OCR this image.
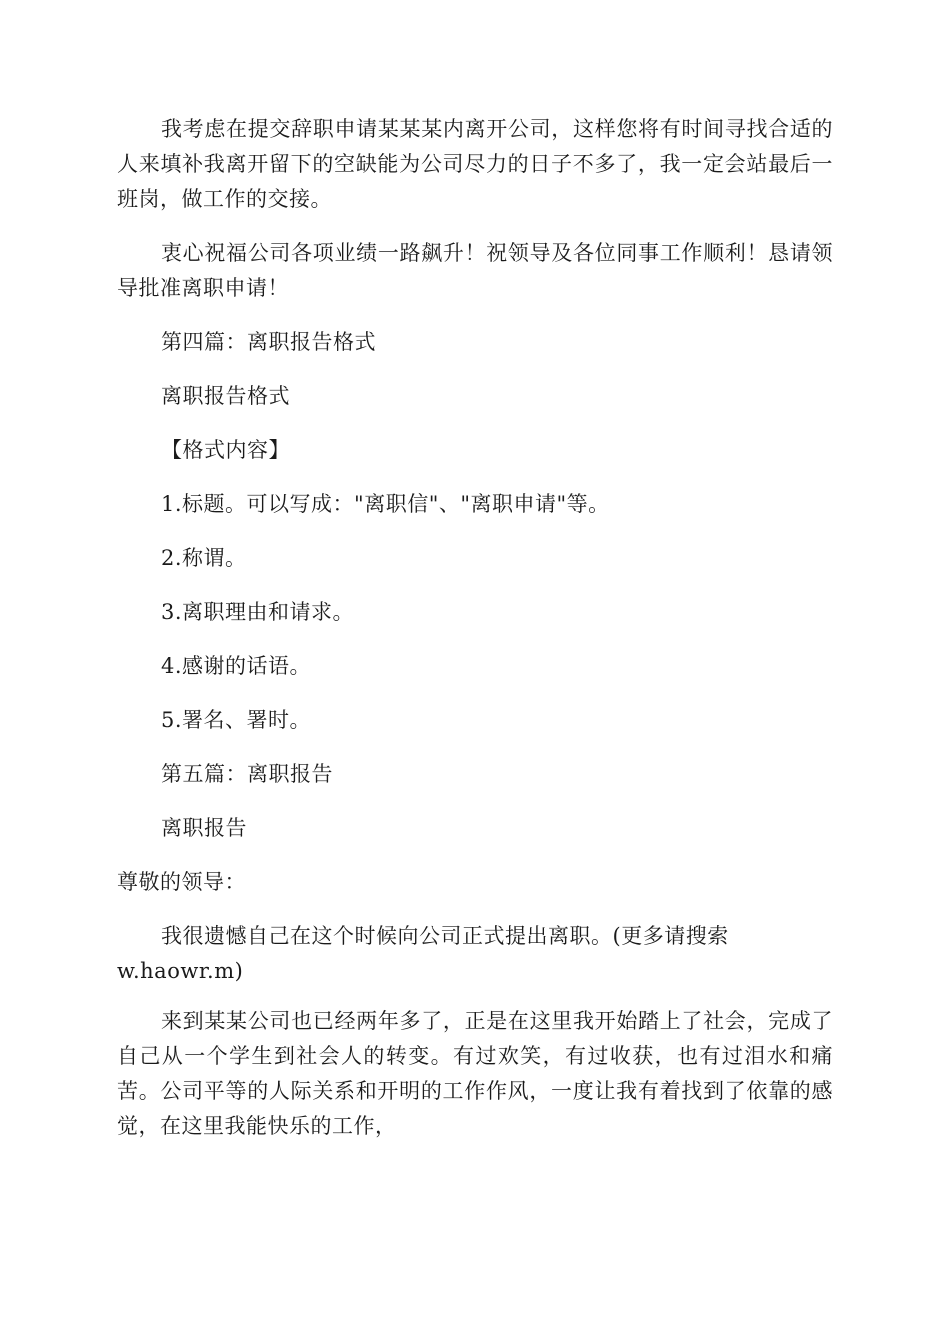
我考虑在提交辞职申请某某某内离开公司，这样您将有时间寻找合适的人来填补我离开留下的空缺能为公司尽力的日子不多了，我一定会站最后一班岗，做工作的交接。

衷心祝福公司各项业绩一路飙升！祝领导及各位同事工作顺利！恳请领导批准离职申请！

第四篇：离职报告格式

离职报告格式

【格式内容】

1.标题。可以写成："离职信"、"离职申请"等。

2.称谓。

3.离职理由和请求。

4.感谢的话语。

5.署名、署时。

第五篇：离职报告

离职报告

尊敬的领导：

我很遗憾自己在这个时候向公司正式提出离职。(更多请搜索

w.haowr.m)

来到某某公司也已经两年多了，正是在这里我开始踏上了社会，完成了自己从一个学生到社会人的转变。有过欢笑，有过收获，也有过泪水和痛苦。公司平等的人际关系和开明的工作作风，一度让我有着找到了依靠的感觉，在这里我能快乐的工作，
